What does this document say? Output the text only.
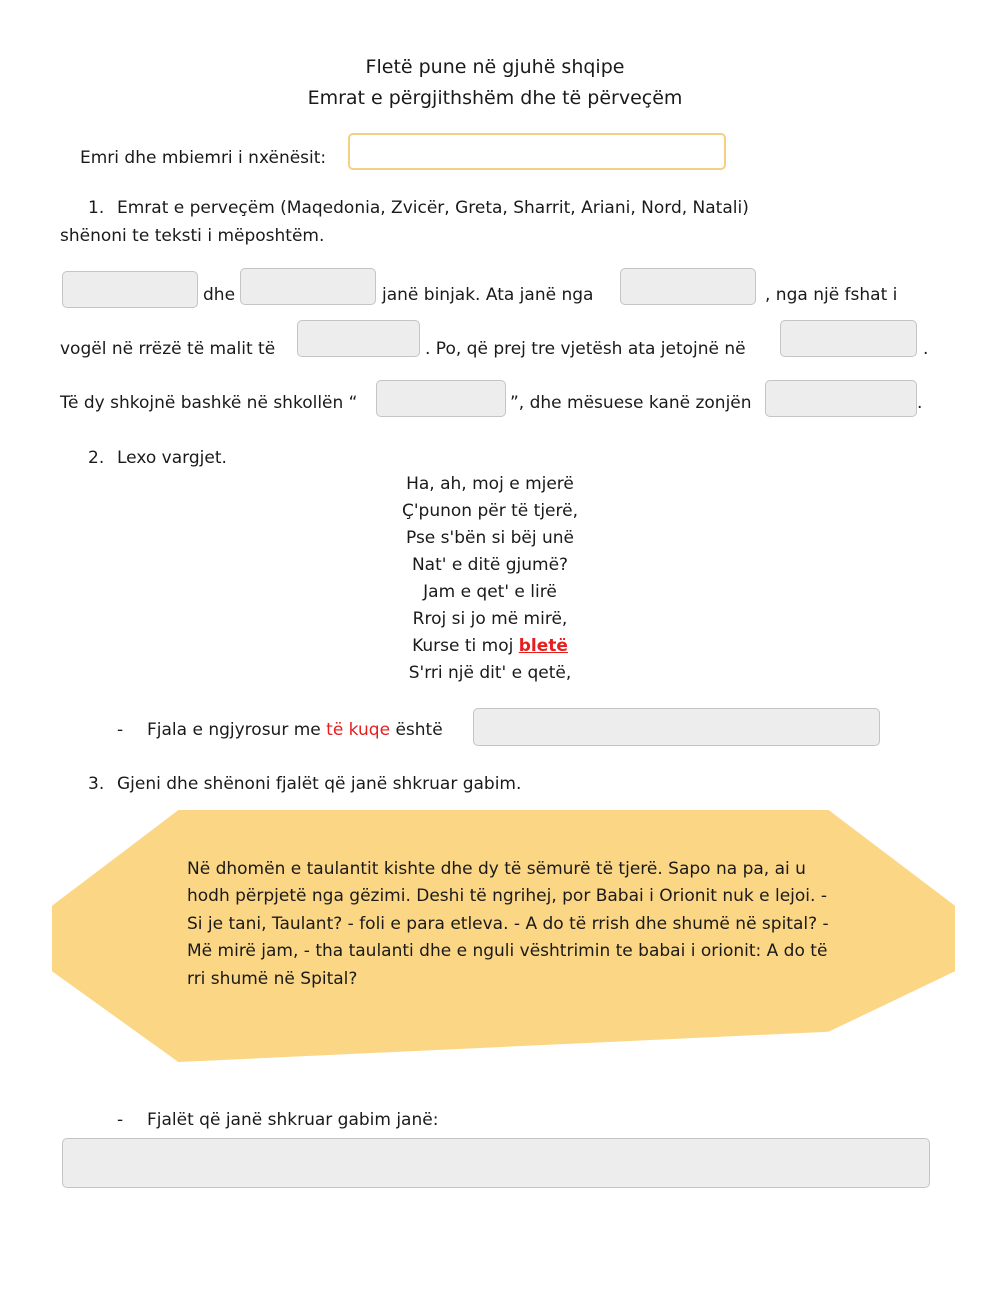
Fletë pune në gjuhë shqipe
Emrat e përgjithshëm dhe të përveçëm
Emri dhe mbiemri i nxënësit:
1. Emrat e perveçëm (Maqedonia, Zvicër, Greta, Sharrit, Ariani, Nord, Natali)
shënoni te teksti i mëposhtëm.
dhe	janë binjak. Ata janë nga	, nga një fshat i
vogël në rrëzë të malit të	. Po, që prej tre vjetësh ata jetojnë në	.
Të dy shkojnë bashkë në shkollën “	”, dhe mësuese kanë zonjën	.
2. Lexo vargjet.
Ha, ah, moj e mjerë
Ç'punon për të tjerë,
Pse s'bën si bëj unë
Nat' e ditë gjumë?
Jam e qet' e lirë
Rroj si jo më mirë,
Kurse ti moj bletë
S'rri një dit' e qetë,
- Fjala e ngjyrosur me të kuqe është
3. Gjeni dhe shënoni fjalët që janë shkruar gabim.
Në dhomën e taulantit kishte dhe dy të sëmurë të tjerë. Sapo na pa, ai u hodh përpjetë nga gëzimi. Deshi të ngrihej, por Babai i Orionit nuk e lejoi. - Si je tani, Taulant? - foli e para etleva. - A do të rrish dhe shumë në spital? - Më mirë jam, - tha taulanti dhe e nguli vështrimin te babai i orionit: A do të rri shumë në Spital?
- Fjalët që janë shkruar gabim janë:
